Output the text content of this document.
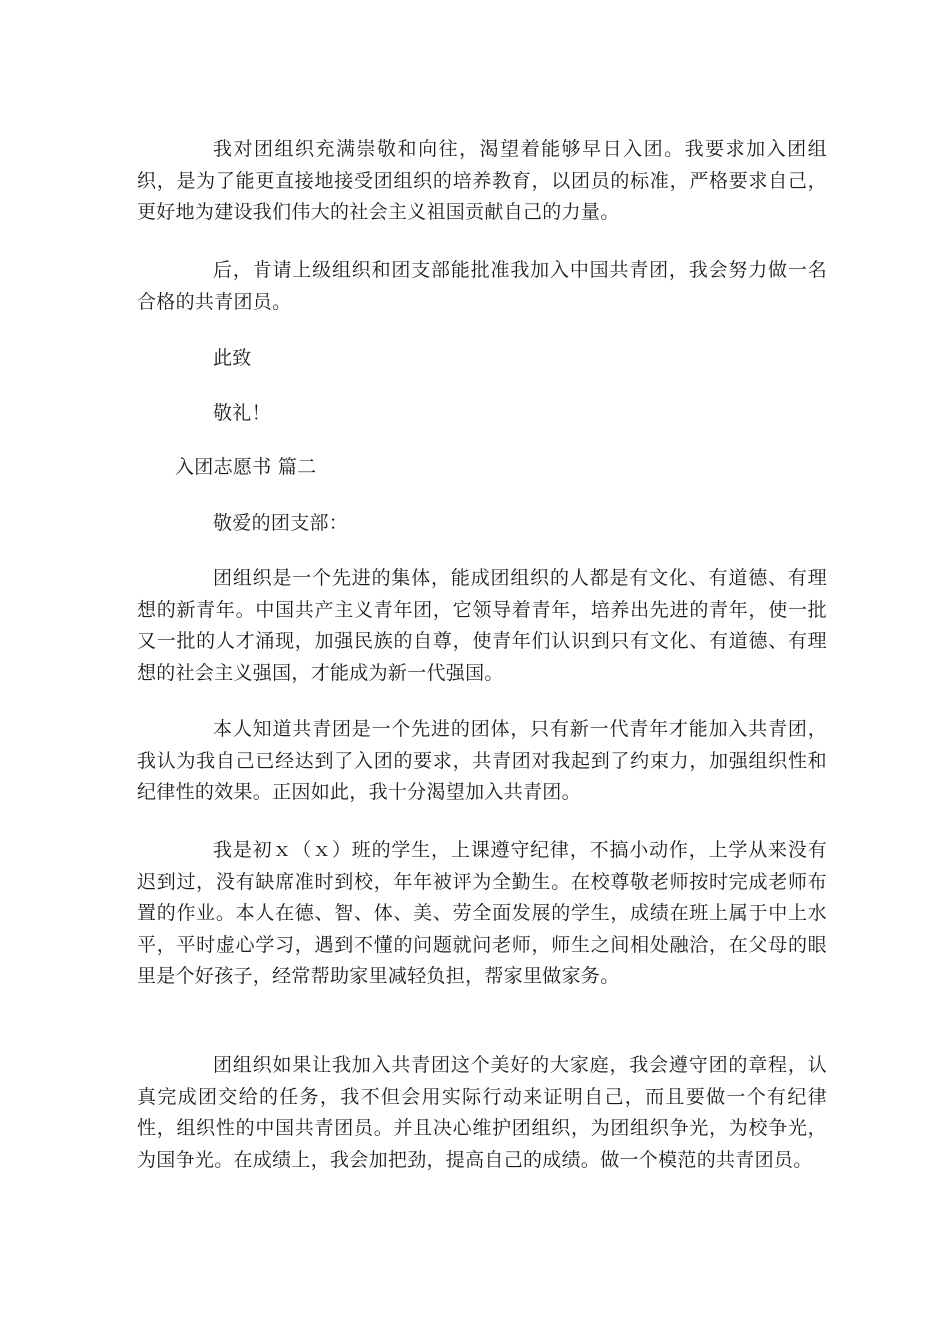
我对团组织充满崇敬和向往，渴望着能够早日入团。我要求加入团组织，是为了能更直接地接受团组织的培养教育，以团员的标准，严格要求自己，更好地为建设我们伟大的社会主义祖国贡献自己的力量。

后，肯请上级组织和团支部能批准我加入中国共青团，我会努力做一名合格的共青团员。

此致

敬礼！

入团志愿书 篇二

敬爱的团支部：

团组织是一个先进的集体，能成团组织的人都是有文化、有道德、有理想的新青年。中国共产主义青年团，它领导着青年，培养出先进的青年，使一批又一批的人才涌现，加强民族的自尊，使青年们认识到只有文化、有道德、有理想的社会主义强国，才能成为新一代强国。

本人知道共青团是一个先进的团体，只有新一代青年才能加入共青团，我认为我自己已经达到了入团的要求，共青团对我起到了约束力，加强组织性和纪律性的效果。正因如此，我十分渴望加入共青团。

我是初ｘ（ｘ）班的学生，上课遵守纪律，不搞小动作，上学从来没有迟到过，没有缺席准时到校，年年被评为全勤生。在校尊敬老师按时完成老师布置的作业。本人在德、智、体、美、劳全面发展的学生，成绩在班上属于中上水平，平时虚心学习，遇到不懂的问题就问老师，师生之间相处融洽，在父母的眼里是个好孩子，经常帮助家里减轻负担，帮家里做家务。

团组织如果让我加入共青团这个美好的大家庭，我会遵守团的章程，认真完成团交给的任务，我不但会用实际行动来证明自己，而且要做一个有纪律性，组织性的中国共青团员。并且决心维护团组织，为团组织争光，为校争光，为国争光。在成绩上，我会加把劲，提高自己的成绩。做一个模范的共青团员。
